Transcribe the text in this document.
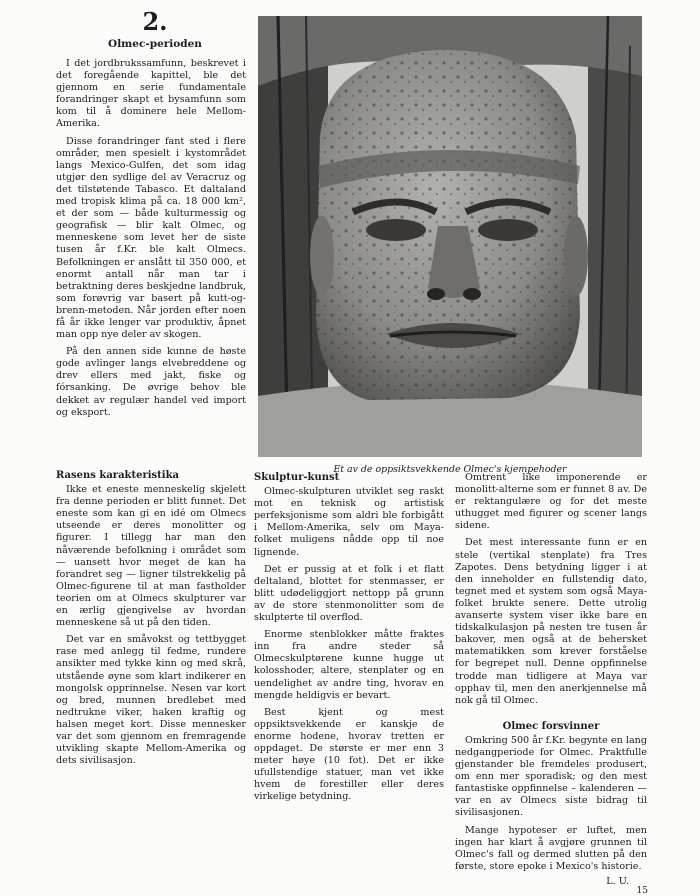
2.
Olmec-perioden

I det jordbrukssamfunn, beskrevet i det foregående kapittel, ble det gjennom en serie fundamentale forandringer skapt et bysamfunn som kom til å dominere hele Mellom-Amerika.

Disse forandringer fant sted i flere områder, men spesielt i kystområdet langs Mexico-Gulfen, det som idag utgjør den sydlige del av Veracruz og det tilstøtende Tabasco. Et daltaland med tropisk klima på ca. 18 000 km², et der som — både kulturmessig og geografisk — blir kalt Olmec, og menneskene som levet her de siste tusen år f.Kr. ble kalt Olmecs. Befolkningen er anslått til 350 000, et enormt antall når man tar i betraktning deres beskjedne landbruk, som forøvrig var basert på kutt-og-brenn-metoden. Når jorden efter noen få år ikke lenger var produktiv, åpnet man opp nye deler av skogen.

På den annen side kunne de høste gode avlinger langs elvebreddene og drev ellers med jakt, fiske og fórsanking. De øvrige behov ble dekket av regulær handel ved import og eksport.

Et av de oppsiktsvekkende Olmec's kjempehoder
Rasens karakteristika

Ikke et eneste menneskelig skjelett fra denne perioden er blitt funnet. Det eneste som kan gi en idé om Olmecs utseende er deres monolitter og figurer. I tillegg har man den nåværende befolkning i området som — uansett hvor meget de kan ha forandret seg — ligner tilstrekkelig på Olmec-figurene til at man fastholder teorien om at Olmecs skulpturer var en ærlig gjengivelse av hvordan menneskene så ut på den tiden.

Det var en småvokst og tettbygget rase med anlegg til fedme, rundere ansikter med tykke kinn og med skrå, utstående øyne som klart indikerer en mongolsk opprinnelse. Nesen var kort og bred, munnen bredlebet med nedtrukne viker, haken kraftig og halsen meget kort. Disse mennesker var det som gjennom en fremragende utvikling skapte Mellom-Amerika og dets sivilisasjon.

Skulptur-kunst

Olmec-skulpturen utviklet seg raskt mot en teknisk og artistisk perfeksjonisme som aldri ble forbigått i Mellom-Amerika, selv om Maya-folket muligens nådde opp til noe lignende.

Det er pussig at et folk i et flatt deltaland, blottet for stenmasser, er blitt udødeliggjort nettopp på grunn av de store stenmonolitter som de skulpterte til overflod.

Enorme stenblokker måtte fraktes inn fra andre steder så Olmecskulptørene kunne hugge ut kolosshoder, altere, stenplater og en uendelighet av andre ting, hvorav en mengde heldigvis er bevart.

Best kjent og mest oppsiktsvekkende er kanskje de enorme hodene, hvorav tretten er oppdaget. De største er mer enn 3 meter høye (10 fot). Det er ikke ufullstendige statuer, man vet ikke hvem de forestiller eller deres virkelige betydning.

Omtrent like imponerende er monolitt-alterne som er funnet 8 av. De er rektangulære og for det meste uthugget med figurer og scener langs sidene.

Det mest interessante funn er en stele (vertikal stenplate) fra Tres Zapotes. Dens betydning ligger i at den inneholder en fullstendig dato, tegnet med et system som også Maya-folket brukte senere. Dette utrolig avanserte system viser ikke bare en tidskalkulasjon på nesten tre tusen år bakover, men også at de behersket matematikken som krever forståelse for begrepet null. Denne oppfinnelse trodde man tidligere at Maya var opphav til, men den anerkjennelse må nok gå til Olmec.

Olmec forsvinner

Omkring 500 år f.Kr. begynte en lang nedgangperiode for Olmec. Praktfulle gjenstander ble fremdeles produsert, om enn mer sporadisk; og den mest fantastiske oppfinnelse – kalenderen — var en av Olmecs siste bidrag til sivilisasjonen.

Mange hypoteser er luftet, men ingen har klart å avgjøre grunnen til Olmec's fall og dermed slutten på den første, store epoke i Mexico's historie.

L. U.
15
